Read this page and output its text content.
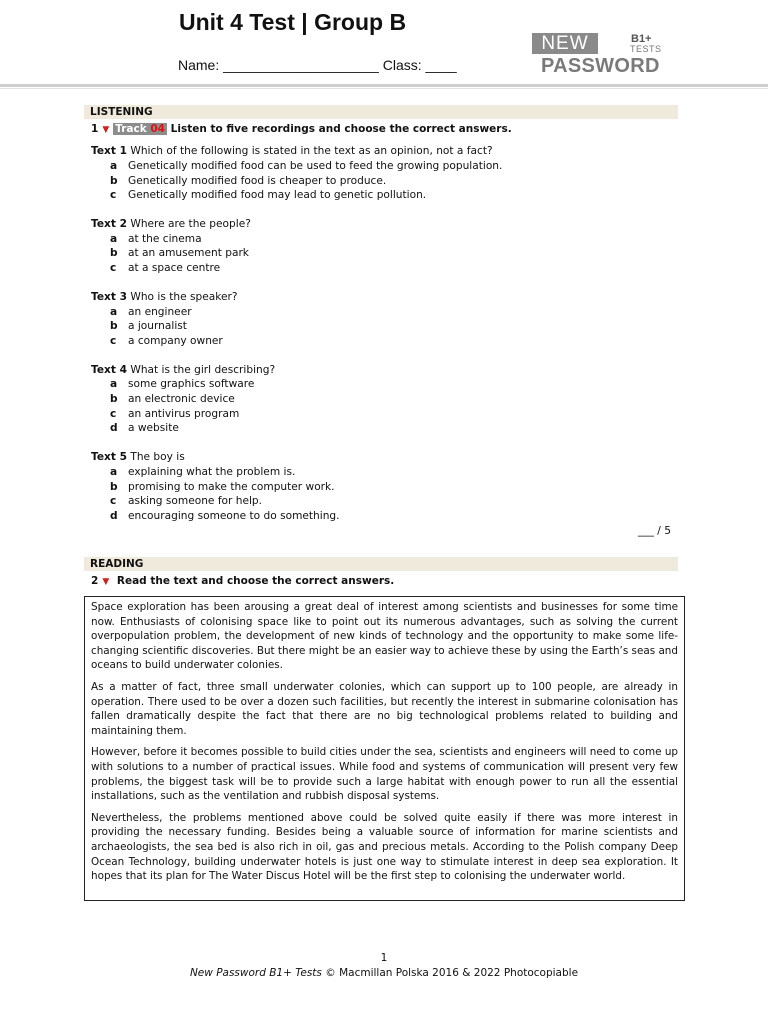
Unit 4 Test | Group B
Name: ____________________ Class: ____
NEW	B1+
TESTS
PASSWORD
LISTENING
1 ▼ Track 04 Listen to five recordings and choose the correct answers.
Text 1 Which of the following is stated in the text as an opinion, not a fact?
a Genetically modified food can be used to feed the growing population.
b Genetically modified food is cheaper to produce.
c Genetically modified food may lead to genetic pollution.
Text 2 Where are the people?
a at the cinema
b at an amusement park
c at a space centre
Text 3 Who is the speaker?
a an engineer
b a journalist
c a company owner
Text 4 What is the girl describing?
a some graphics software
b an electronic device
c an antivirus program
d a website
Text 5 The boy is
a explaining what the problem is.
b promising to make the computer work.
c asking someone for help.
d encouraging someone to do something.
___ / 5
READING
2 ▼ Read the text and choose the correct answers.

Space exploration has been arousing a great deal of interest among scientists and businesses for some time now. Enthusiasts of colonising space like to point out its numerous advantages, such as solving the current overpopulation problem, the development of new kinds of technology and the opportunity to make some life-changing scientific discoveries. But there might be an easier way to achieve these by using the Earth’s seas and oceans to build underwater colonies.

As a matter of fact, three small underwater colonies, which can support up to 100 people, are already in operation. There used to be over a dozen such facilities, but recently the interest in submarine colonisation has fallen dramatically despite the fact that there are no big technological problems related to building and maintaining them.

However, before it becomes possible to build cities under the sea, scientists and engineers will need to come up with solutions to a number of practical issues. While food and systems of communication will present very few problems, the biggest task will be to provide such a large habitat with enough power to run all the essential installations, such as the ventilation and rubbish disposal systems.

Nevertheless, the problems mentioned above could be solved quite easily if there was more interest in providing the necessary funding. Besides being a valuable source of information for marine scientists and archaeologists, the sea bed is also rich in oil, gas and precious metals. According to the Polish company Deep Ocean Technology, building underwater hotels is just one way to stimulate interest in deep sea exploration. It hopes that its plan for The Water Discus Hotel will be the first step to colonising the underwater world.

1
New Password B1+ Tests © Macmillan Polska 2016 & 2022 Photocopiable
